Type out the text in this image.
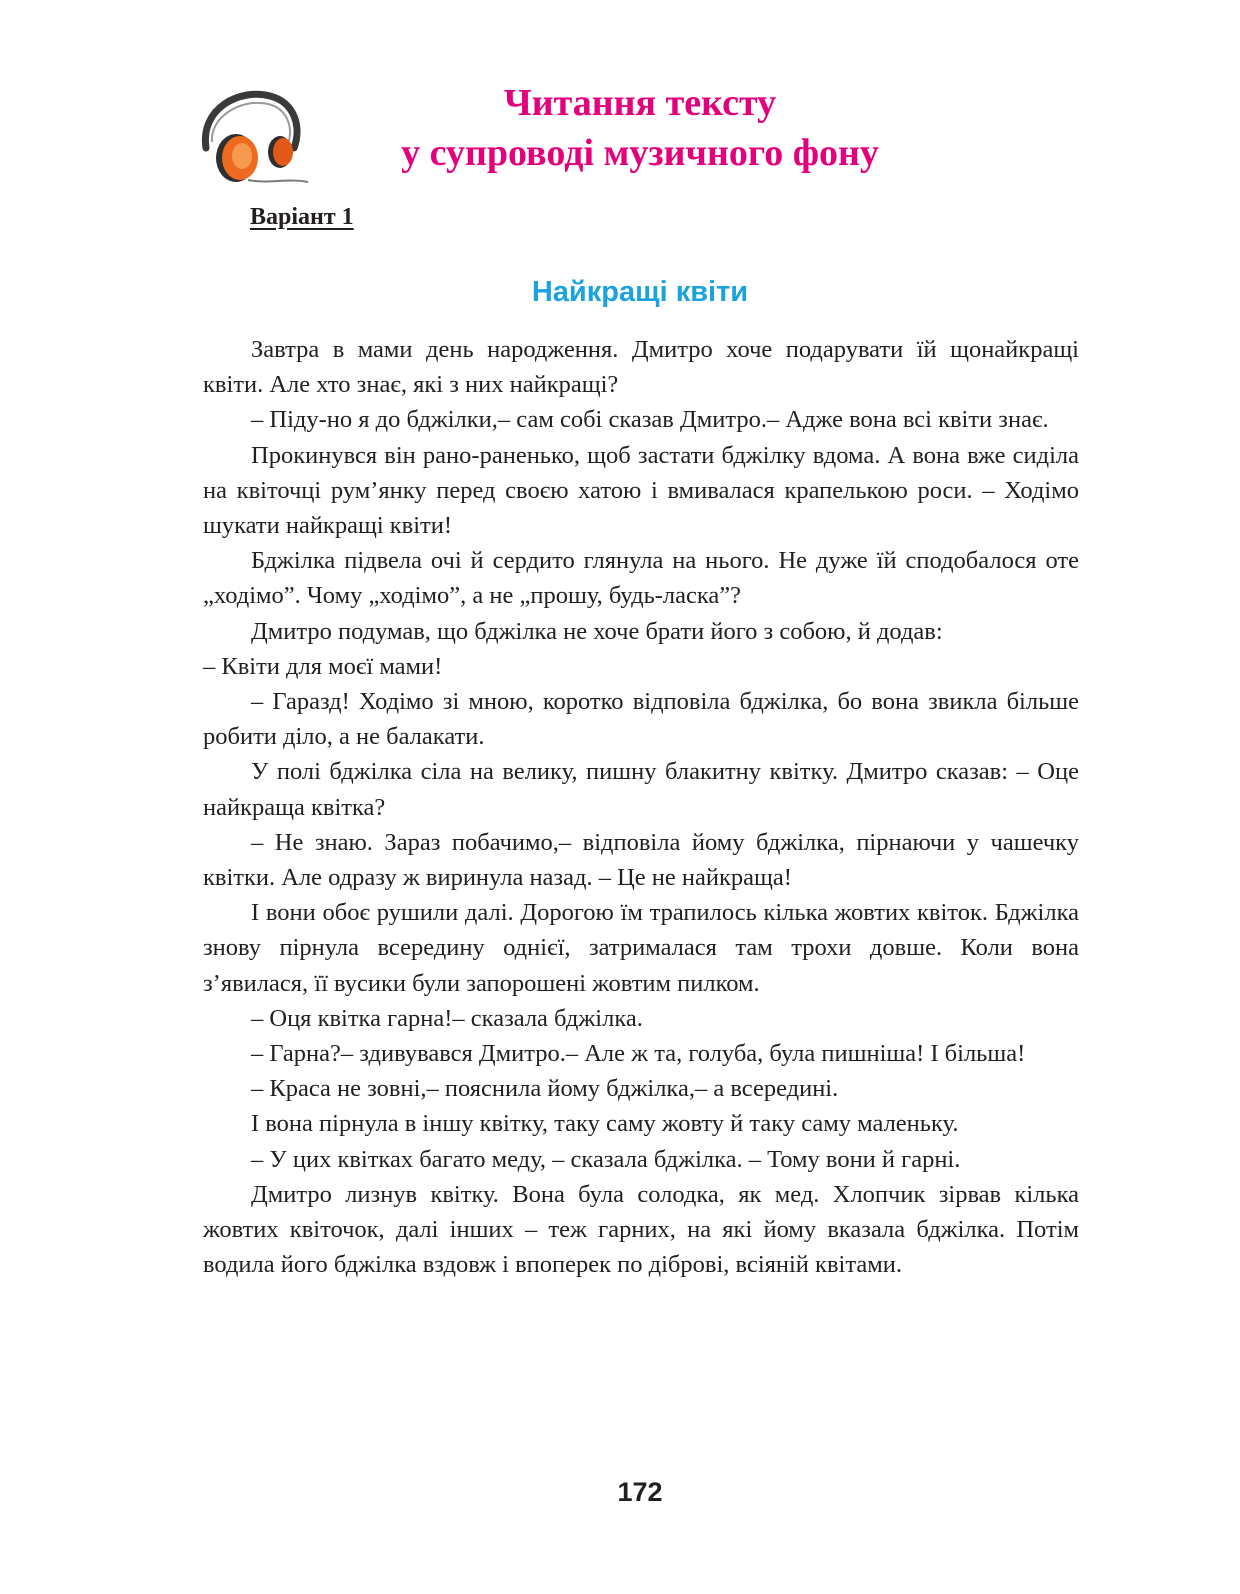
Читання тексту
у супроводі музичного фону
Варіант 1
Найкращі квіти

Завтра в мами день народження. Дмитро хоче подарувати їй щонайкращі квіти. Але хто знає, які з них найкращі?

– Піду-но я до бджілки,– сам собі сказав Дмитро.– Адже вона всі квіти знає.

Прокинувся він рано-раненько, щоб застати бджілку вдома. А вона вже сиділа на квіточці рум’янку перед своєю хатою і вмивалася крапелькою роси. – Ходімо шукати найкращі квіти!

Бджілка підвела очі й сердито глянула на нього. Не дуже їй сподобалося оте „ходімо”. Чому „ходімо”, а не „прошу, будь-ласка”?

Дмитро подумав, що бджілка не хоче брати його з собою, й додав:

– Квіти для моєї мами!

– Гаразд! Ходімо зі мною, коротко відповіла бджілка, бо вона звикла більше робити діло, а не балакати.

У полі бджілка сіла на велику, пишну блакитну квітку. Дмитро сказав: – Оце найкраща квітка?

– Не знаю. Зараз побачимо,– відповіла йому бджілка, пірнаючи у чашечку квітки. Але одразу ж виринула назад. – Це не найкраща!

І вони обоє рушили далі. Дорогою їм трапилось кілька жовтих квіток. Бджілка знову пірнула всередину однієї, затрималася там трохи довше. Коли вона з’явилася, її вусики були запорошені жовтим пилком.

– Оця квітка гарна!– сказала бджілка.

– Гарна?– здивувався Дмитро.– Але ж та, голуба, була пишніша! І більша!

– Краса не зовні,– пояснила йому бджілка,– а всередині.

І вона пірнула в іншу квітку, таку саму жовту й таку саму маленьку.

– У цих квітках багато меду, – сказала бджілка. – Тому вони й гарні.

Дмитро лизнув квітку. Вона була солодка, як мед. Хлопчик зірвав кілька жовтих квіточок, далі інших – теж гарних, на які йому вказала бджілка. Потім водила його бджілка вздовж і впоперек по діброві, всіяній квітами.

172
